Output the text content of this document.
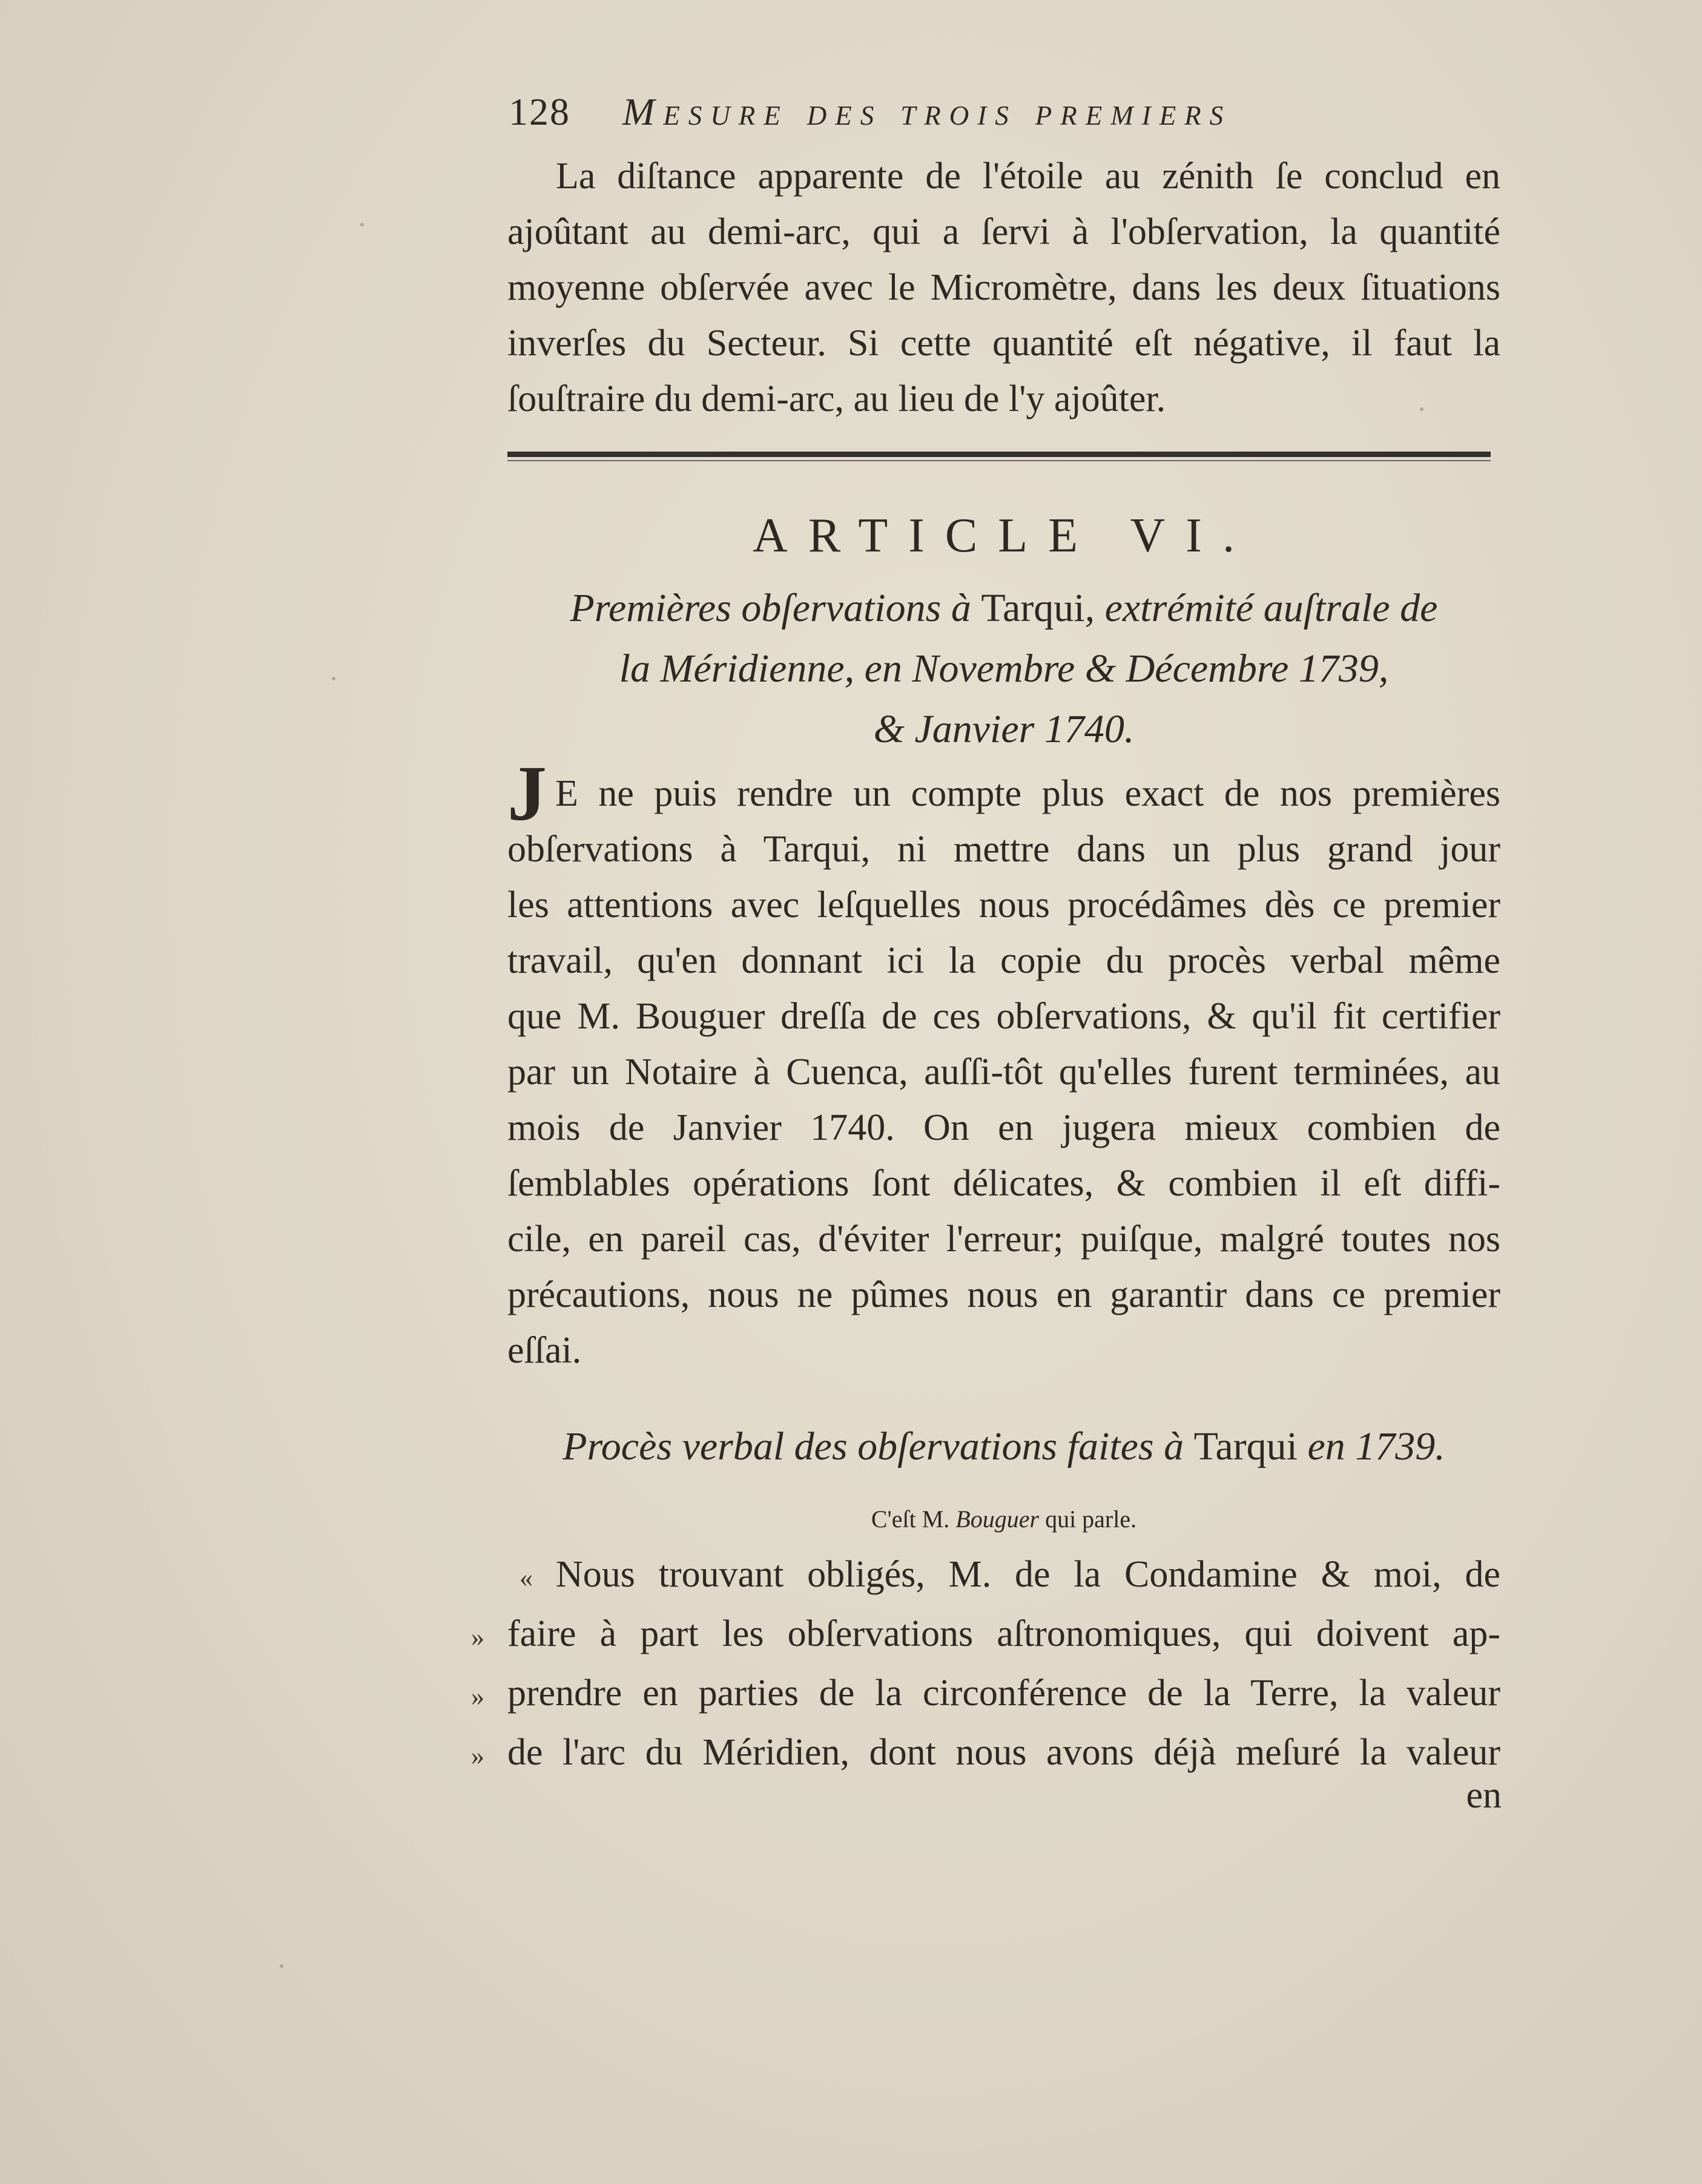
128 Mesure des trois premiers
La diſtance apparente de l'étoile au zénith ſe conclud en
ajoûtant au demi-arc, qui a ſervi à l'obſervation, la quantité
moyenne obſervée avec le Micromètre, dans les deux ſituations
inverſes du Secteur. Si cette quantité eſt négative, il faut la
ſouſtraire du demi-arc, au lieu de l'y ajoûter.
ARTICLE VI.
Premières obſervations à Tarqui, extrémité auſtrale de
la Méridienne, en Novembre & Décembre 1739,
& Janvier 1740.
J E ne puis rendre un compte plus exact de nos premières
obſervations à Tarqui, ni mettre dans un plus grand jour
les attentions avec leſquelles nous procédâmes dès ce premier
travail, qu'en donnant ici la copie du procès verbal même
que M. Bouguer dreſſa de ces obſervations, & qu'il fit certifier
par un Notaire à Cuenca, auſſi-tôt qu'elles furent terminées, au
mois de Janvier 1740. On en jugera mieux combien de
ſemblables opérations ſont délicates, & combien il eſt diffi-
cile, en pareil cas, d'éviter l'erreur; puiſque, malgré toutes nos
précautions, nous ne pûmes nous en garantir dans ce premier
eſſai.
Procès verbal des obſervations faites à Tarqui en 1739.
C'eſt M. Bouguer qui parle.
« Nous trouvant obligés, M. de la Condamine & moi, de
» faire à part les obſervations aſtronomiques, qui doivent ap-
» prendre en parties de la circonférence de la Terre, la valeur
» de l'arc du Méridien, dont nous avons déjà meſuré la valeur
en
